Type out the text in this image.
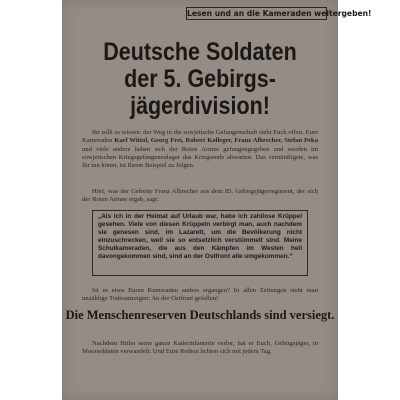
Lesen und an die Kameraden weitergeben!
Deutsche Soldaten
der 5. Gebirgs-
jägerdivision!

Ihr sollt es wissen: der Weg in die sowjetische Gefangenschaft steht Euch offen. Eure Kameraden Karl Wittol, Georg Frei, Robert Kolleger, Franz Albrecher, Stefan Peka und viele andere haben sich der Roten Armee gefangengegeben und werden im sowjetischen Kriegsgefangenenlager das Kriegsende abwarten. Das vernünftigste, was Ihr tun könnt, ist Ihrem Beispiel zu folgen.

Hört, was der Gefreite Franz Albrecher aus dem 85. Gebirgsjägerregiment, der sich der Roten Armee ergab, sagt:

„Als ich in der Heimat auf Urlaub war, habe ich zahllose Krüppel gesehen. Viele von diesen Krüppeln verbirgt man, auch nachdem sie genesen sind, im Lazarett, um die Bevölkerung nicht einzuschrecken, weil sie so entsetzlich verstümmelt sind. Meine Schulkameraden, die aus den Kämpfen im Westen heil davongekommen sind, sind an der Ostfront alle umgekommen.“

Ist es etwa Euren Kameraden anders ergangen? In allen Zeitungen sieht man unzählige Todesanzeigen: An der Ostfront gefallen!

Die Menschenreserven Deutschlands sind versiegt.

Nachdem Hitler seine ganze Kaderinfanterie verlor, hat er Euch, Gebirgsjäger, in Moorsoldaten verwandelt. Und Eure Reihen lichten sich mit jedem Tag.
